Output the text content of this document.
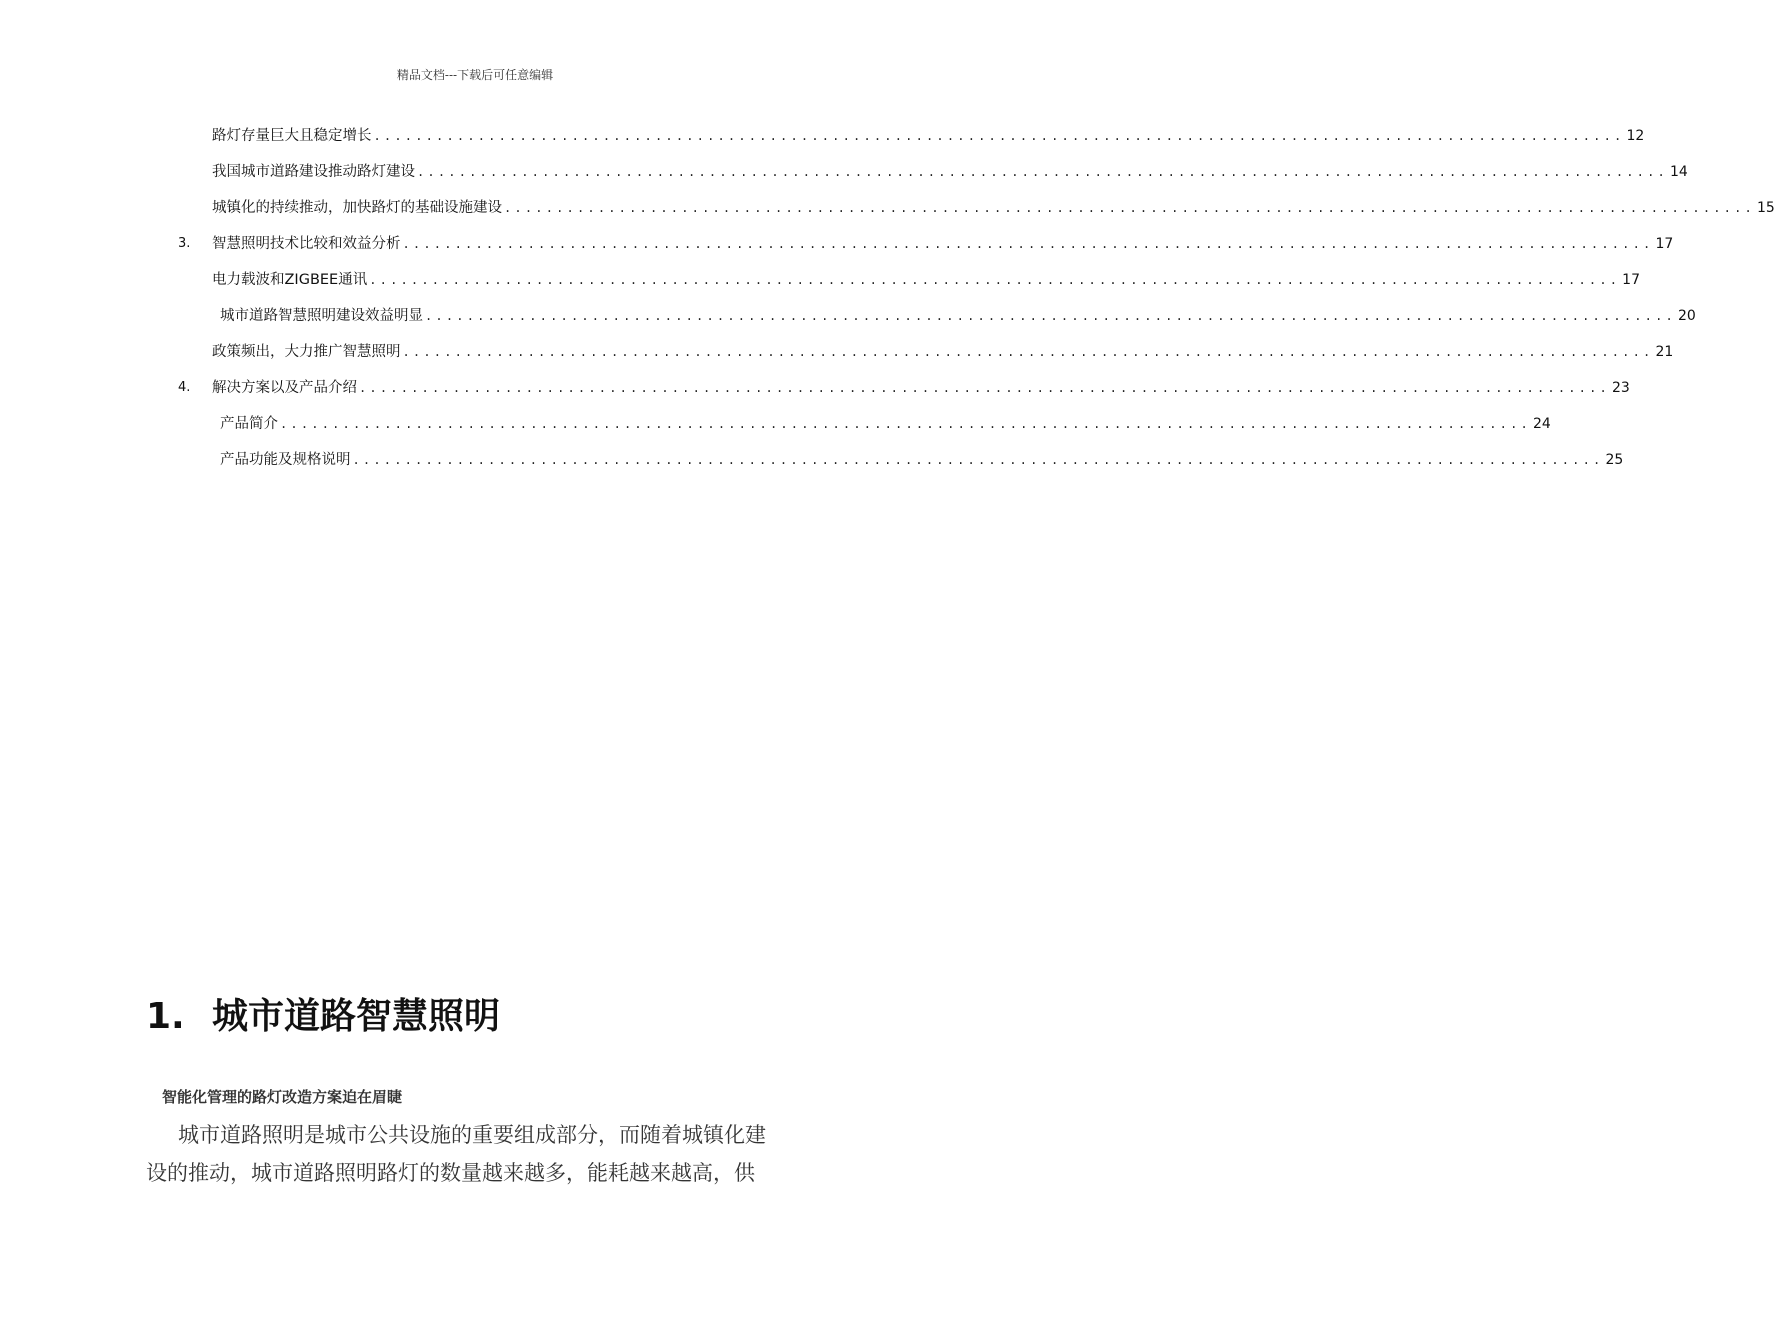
精品文档---下载后可任意编辑
路灯存量巨大且稳定增长 ........................................................................................................................ 12
我国城市道路建设推动路灯建设 ........................................................................................................................ 14
城镇化的持续推动，加快路灯的基础设施建设 ........................................................................................................................ 15
3. 智慧照明技术比较和效益分析 ........................................................................................................................ 17
电力载波和ZIGBEE通讯 ........................................................................................................................ 17
城市道路智慧照明建设效益明显 ........................................................................................................................ 20
政策频出，大力推广智慧照明 ........................................................................................................................ 21
4. 解决方案以及产品介绍 ........................................................................................................................ 23
产品简介 ........................................................................................................................ 24
产品功能及规格说明 ........................................................................................................................ 25
1. 城市道路智慧照明
智能化管理的路灯改造方案迫在眉睫
城市道路照明是城市公共设施的重要组成部分，而随着城镇化建
设的推动，城市道路照明路灯的数量越来越多，能耗越来越高，供
